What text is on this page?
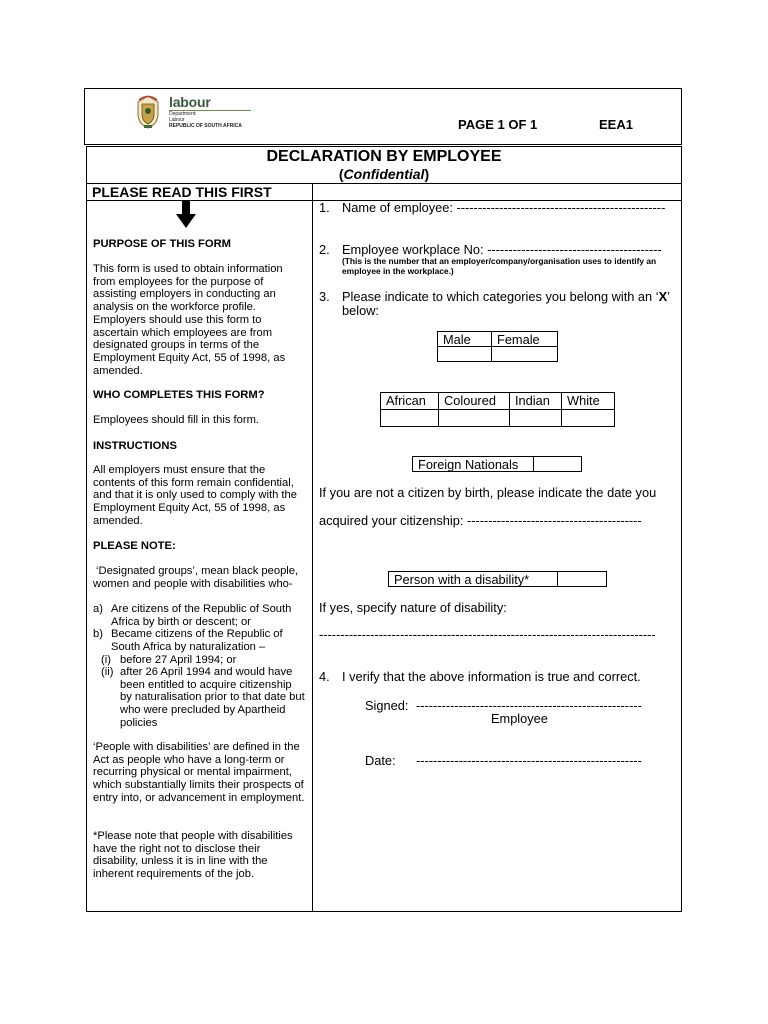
labour
Department:
Labour
REPUBLIC OF SOUTH AFRICA	PAGE 1 OF 1	EEA1
DECLARATION BY EMPLOYEE
(Confidential)
PLEASE READ THIS FIRST
PURPOSE OF THIS FORM
This form is used to obtain information from employees for the purpose of assisting employers in conducting an analysis on the workforce profile. Employers should use this form to ascertain which employees are from designated groups in terms of the Employment Equity Act, 55 of 1998, as amended.
WHO COMPLETES THIS FORM?
Employees should fill in this form.
INSTRUCTIONS
All employers must ensure that the contents of this form remain confidential, and that it is only used to comply with the Employment Equity Act, 55 of 1998, as amended.
PLEASE NOTE:
‘Designated groups’, mean black people, women and people with disabilities who-
a) Are citizens of the Republic of South Africa by birth or descent; or
b) Became citizens of the Republic of South Africa by naturalization –
(i) before 27 April 1994; or
(ii) after 26 April 1994 and would have been entitled to acquire citizenship by naturalisation prior to that date but who were precluded by Apartheid policies
‘People with disabilities’ are defined in the Act as people who have a long-term or recurring physical or mental impairment, which substantially limits their prospects of entry into, or advancement in employment.
*Please note that people with disabilities have the right not to disclose their disability, unless it is in line with the inherent requirements of the job.
1. Name of employee: -------------------------------------------------
2. Employee workplace No: -----------------------------------------
(This is the number that an employer/company/organisation uses to identify an employee in the workplace.)
3. Please indicate to which categories you belong with an ‘X’
below:
Male	Female
African	Coloured	Indian	White
Foreign Nationals
If you are not a citizen by birth, please indicate the date you
acquired your citizenship: -----------------------------------------
Person with a disability*
If yes, specify nature of disability:
-------------------------------------------------------------------------------
4. I verify that the above information is true and correct.
Signed: -----------------------------------------------------
Employee
Date: -----------------------------------------------------
